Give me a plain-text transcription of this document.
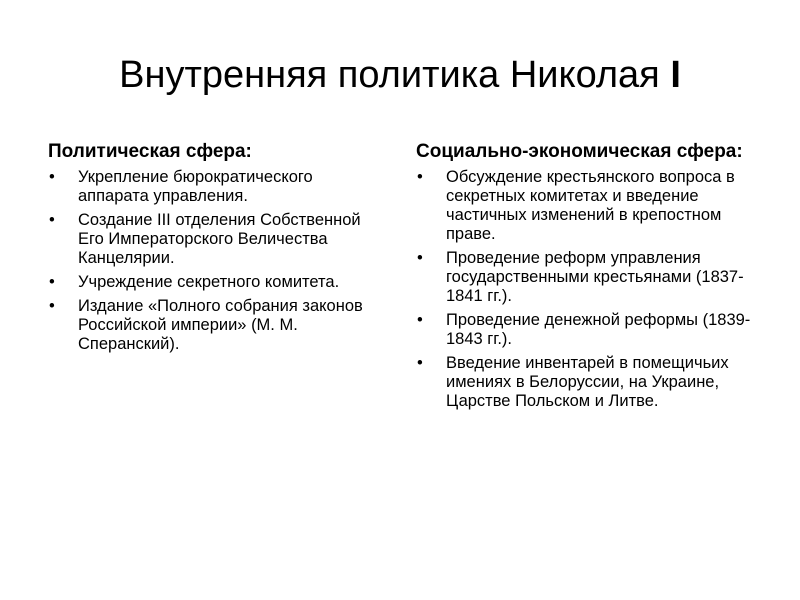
Внутренняя политика Николая I
Политическая сфера:
• Укрепление бюрократического аппарата управления.
• Создание III отделения Собственной Его Императорского Величества Канцелярии.
• Учреждение секретного комитета.
• Издание «Полного собрания законов Российской империи» (М. М. Сперанский).
Социально-экономическая сфера:
• Обсуждение крестьянского вопроса в секретных комитетах и введение частичных изменений в крепостном праве.
• Проведение реформ управления государственными крестьянами (1837-1841 гг.).
• Проведение денежной реформы (1839-1843 гг.).
• Введение инвентарей в помещичьих имениях в Белоруссии, на Украине, Царстве Польском и Литве.
